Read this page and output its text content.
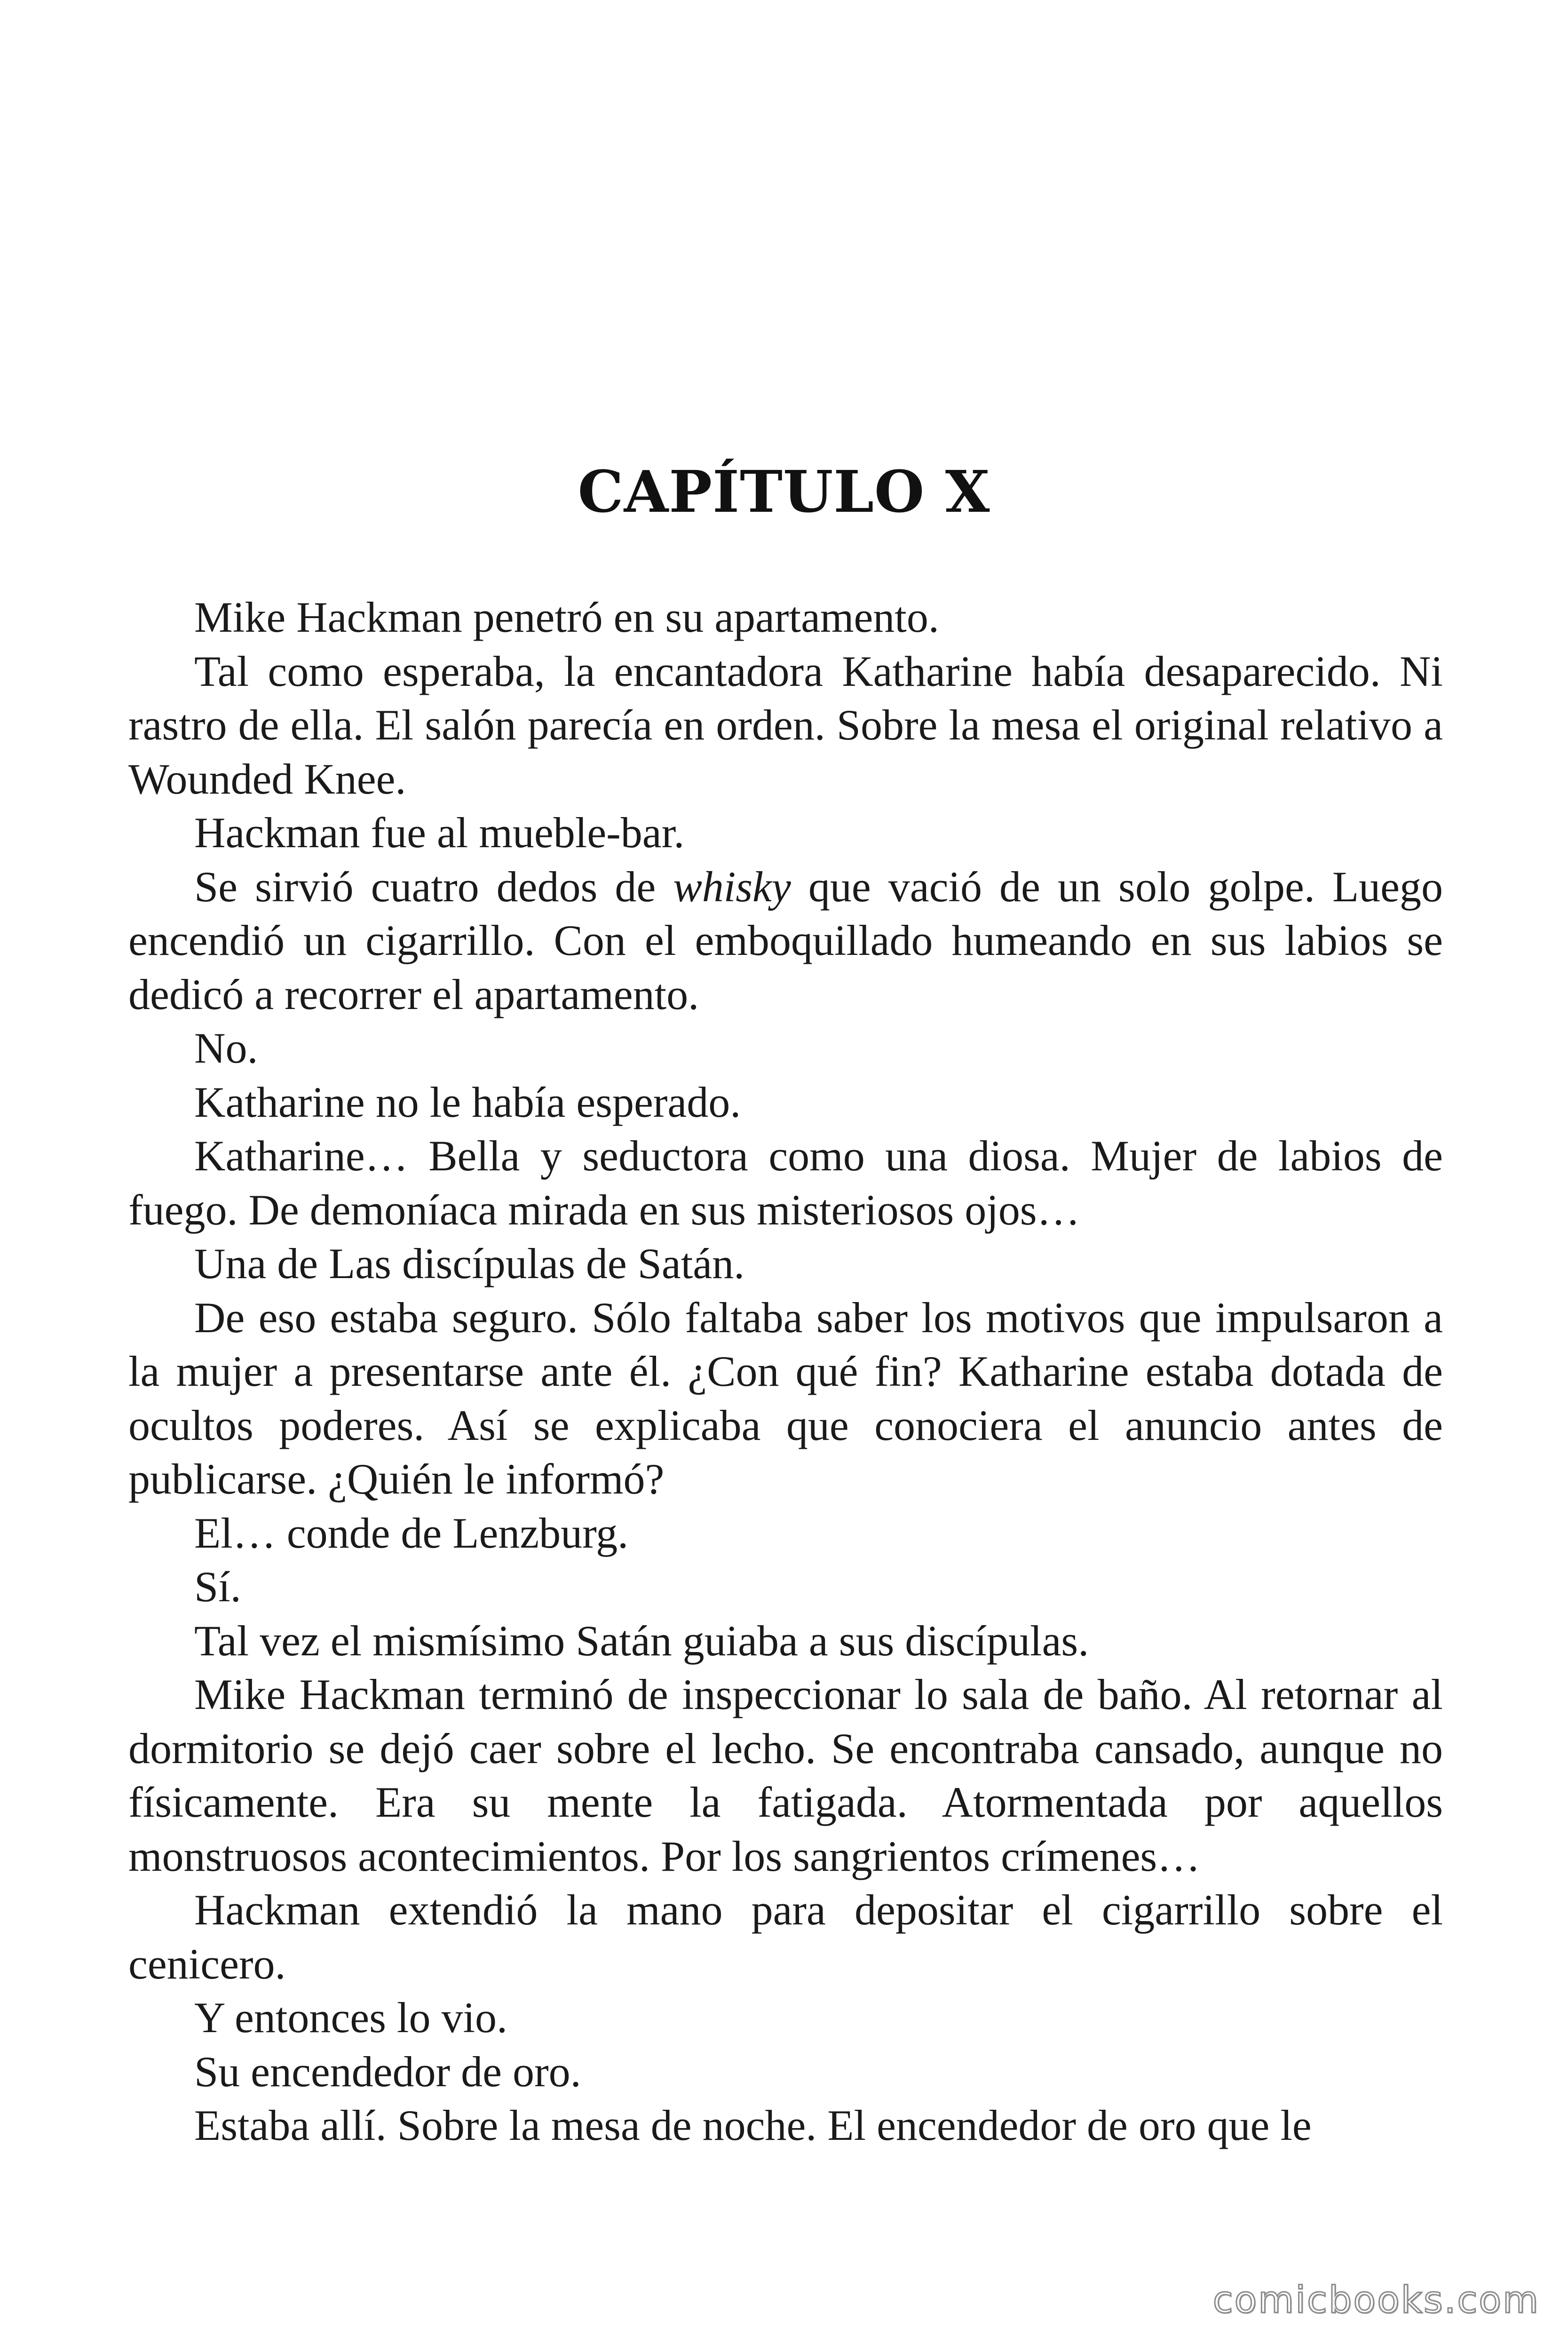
CAPÍTULO X

Mike Hackman penetró en su apartamento.

Tal como esperaba, la encantadora Katharine había desaparecido. Ni rastro de ella. El salón parecía en orden. Sobre la mesa el original relativo a Wounded Knee.

Hackman fue al mueble-bar.

Se sirvió cuatro dedos de whisky que vació de un solo golpe. Luego encendió un cigarrillo. Con el emboquillado humeando en sus labios se dedicó a recorrer el apartamento.

No.

Katharine no le había esperado.

Katharine… Bella y seductora como una diosa. Mujer de labios de fuego. De demoníaca mirada en sus misteriosos ojos…

Una de Las discípulas de Satán.

De eso estaba seguro. Sólo faltaba saber los motivos que impulsaron a la mujer a presentarse ante él. ¿Con qué fin? Katharine estaba dotada de ocultos poderes. Así se explicaba que conociera el anuncio antes de publicarse. ¿Quién le informó?

El… conde de Lenzburg.

Sí.

Tal vez el mismísimo Satán guiaba a sus discípulas.

Mike Hackman terminó de inspeccionar lo sala de baño. Al retornar al dormitorio se dejó caer sobre el lecho. Se encontraba cansado, aunque no físicamente. Era su mente la fatigada. Atormentada por aquellos monstruosos acontecimientos. Por los sangrientos crímenes…

Hackman extendió la mano para depositar el cigarrillo sobre el cenicero.

Y entonces lo vio.

Su encendedor de oro.

Estaba allí. Sobre la mesa de noche. El encendedor de oro que le

comicbooks.com
